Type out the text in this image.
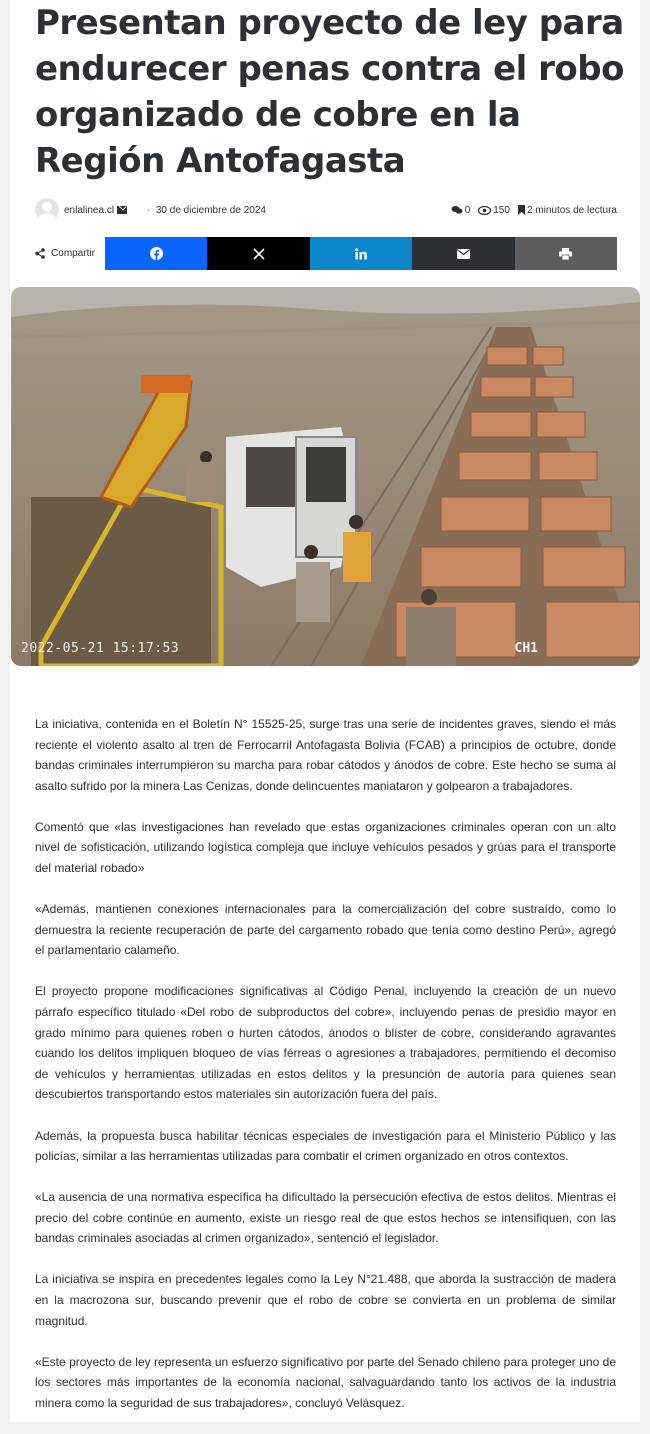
Presentan proyecto de ley para endurecer penas contra el robo organizado de cobre en la Región Antofagasta
enlalinea.cl	• 30 de diciembre de 2024	0 150 2 minutos de lectura
Compartir
2022-05-21 15:17:53	CH1

La iniciativa, contenida en el Boletín N° 15525-25, surge tras una serie de incidentes graves, siendo el más reciente el violento asalto al tren de Ferrocarril Antofagasta Bolivia (FCAB) a principios de octubre, donde bandas criminales interrumpieron su marcha para robar cátodos y ánodos de cobre. Este hecho se suma al asalto sufrido por la minera Las Cenizas, donde delincuentes maniataron y golpearon a trabajadores.

Comentó que «las investigaciones han revelado que estas organizaciones criminales operan con un alto nivel de sofisticación, utilizando logística compleja que incluye vehículos pesados y grúas para el transporte del material robado»

«Además, mantienen conexiones internacionales para la comercialización del cobre sustraído, como lo demuestra la reciente recuperación de parte del cargamento robado que tenía como destino Perú», agregó el parlamentario calameño.

El proyecto propone modificaciones significativas al Código Penal, incluyendo la creación de un nuevo párrafo específico titulado «Del robo de subproductos del cobre», incluyendo penas de presidio mayor en grado mínimo para quienes roben o hurten cátodos, ánodos o blíster de cobre, considerando agravantes cuando los delitos impliquen bloqueo de vías férreas o agresiones a trabajadores, permitiendo el decomiso de vehículos y herramientas utilizadas en estos delitos y la presunción de autoría para quienes sean descubiertos transportando estos materiales sin autorización fuera del país.

Además, la propuesta busca habilitar técnicas especiales de investigación para el Ministerio Público y las policías, similar a las herramientas utilizadas para combatir el crimen organizado en otros contextos.

«La ausencia de una normativa específica ha dificultado la persecución efectiva de estos delitos. Mientras el precio del cobre continúe en aumento, existe un riesgo real de que estos hechos se intensifiquen, con las bandas criminales asociadas al crimen organizado», sentenció el legislador.

La iniciativa se inspira en precedentes legales como la Ley N°21.488, que aborda la sustracción de madera en la macrozona sur, buscando prevenir que el robo de cobre se convierta en un problema de similar magnitud.

«Este proyecto de ley representa un esfuerzo significativo por parte del Senado chileno para proteger uno de los sectores más importantes de la economía nacional, salvaguardando tanto los activos de la industria minera como la seguridad de sus trabajadores», concluyó Velásquez.
